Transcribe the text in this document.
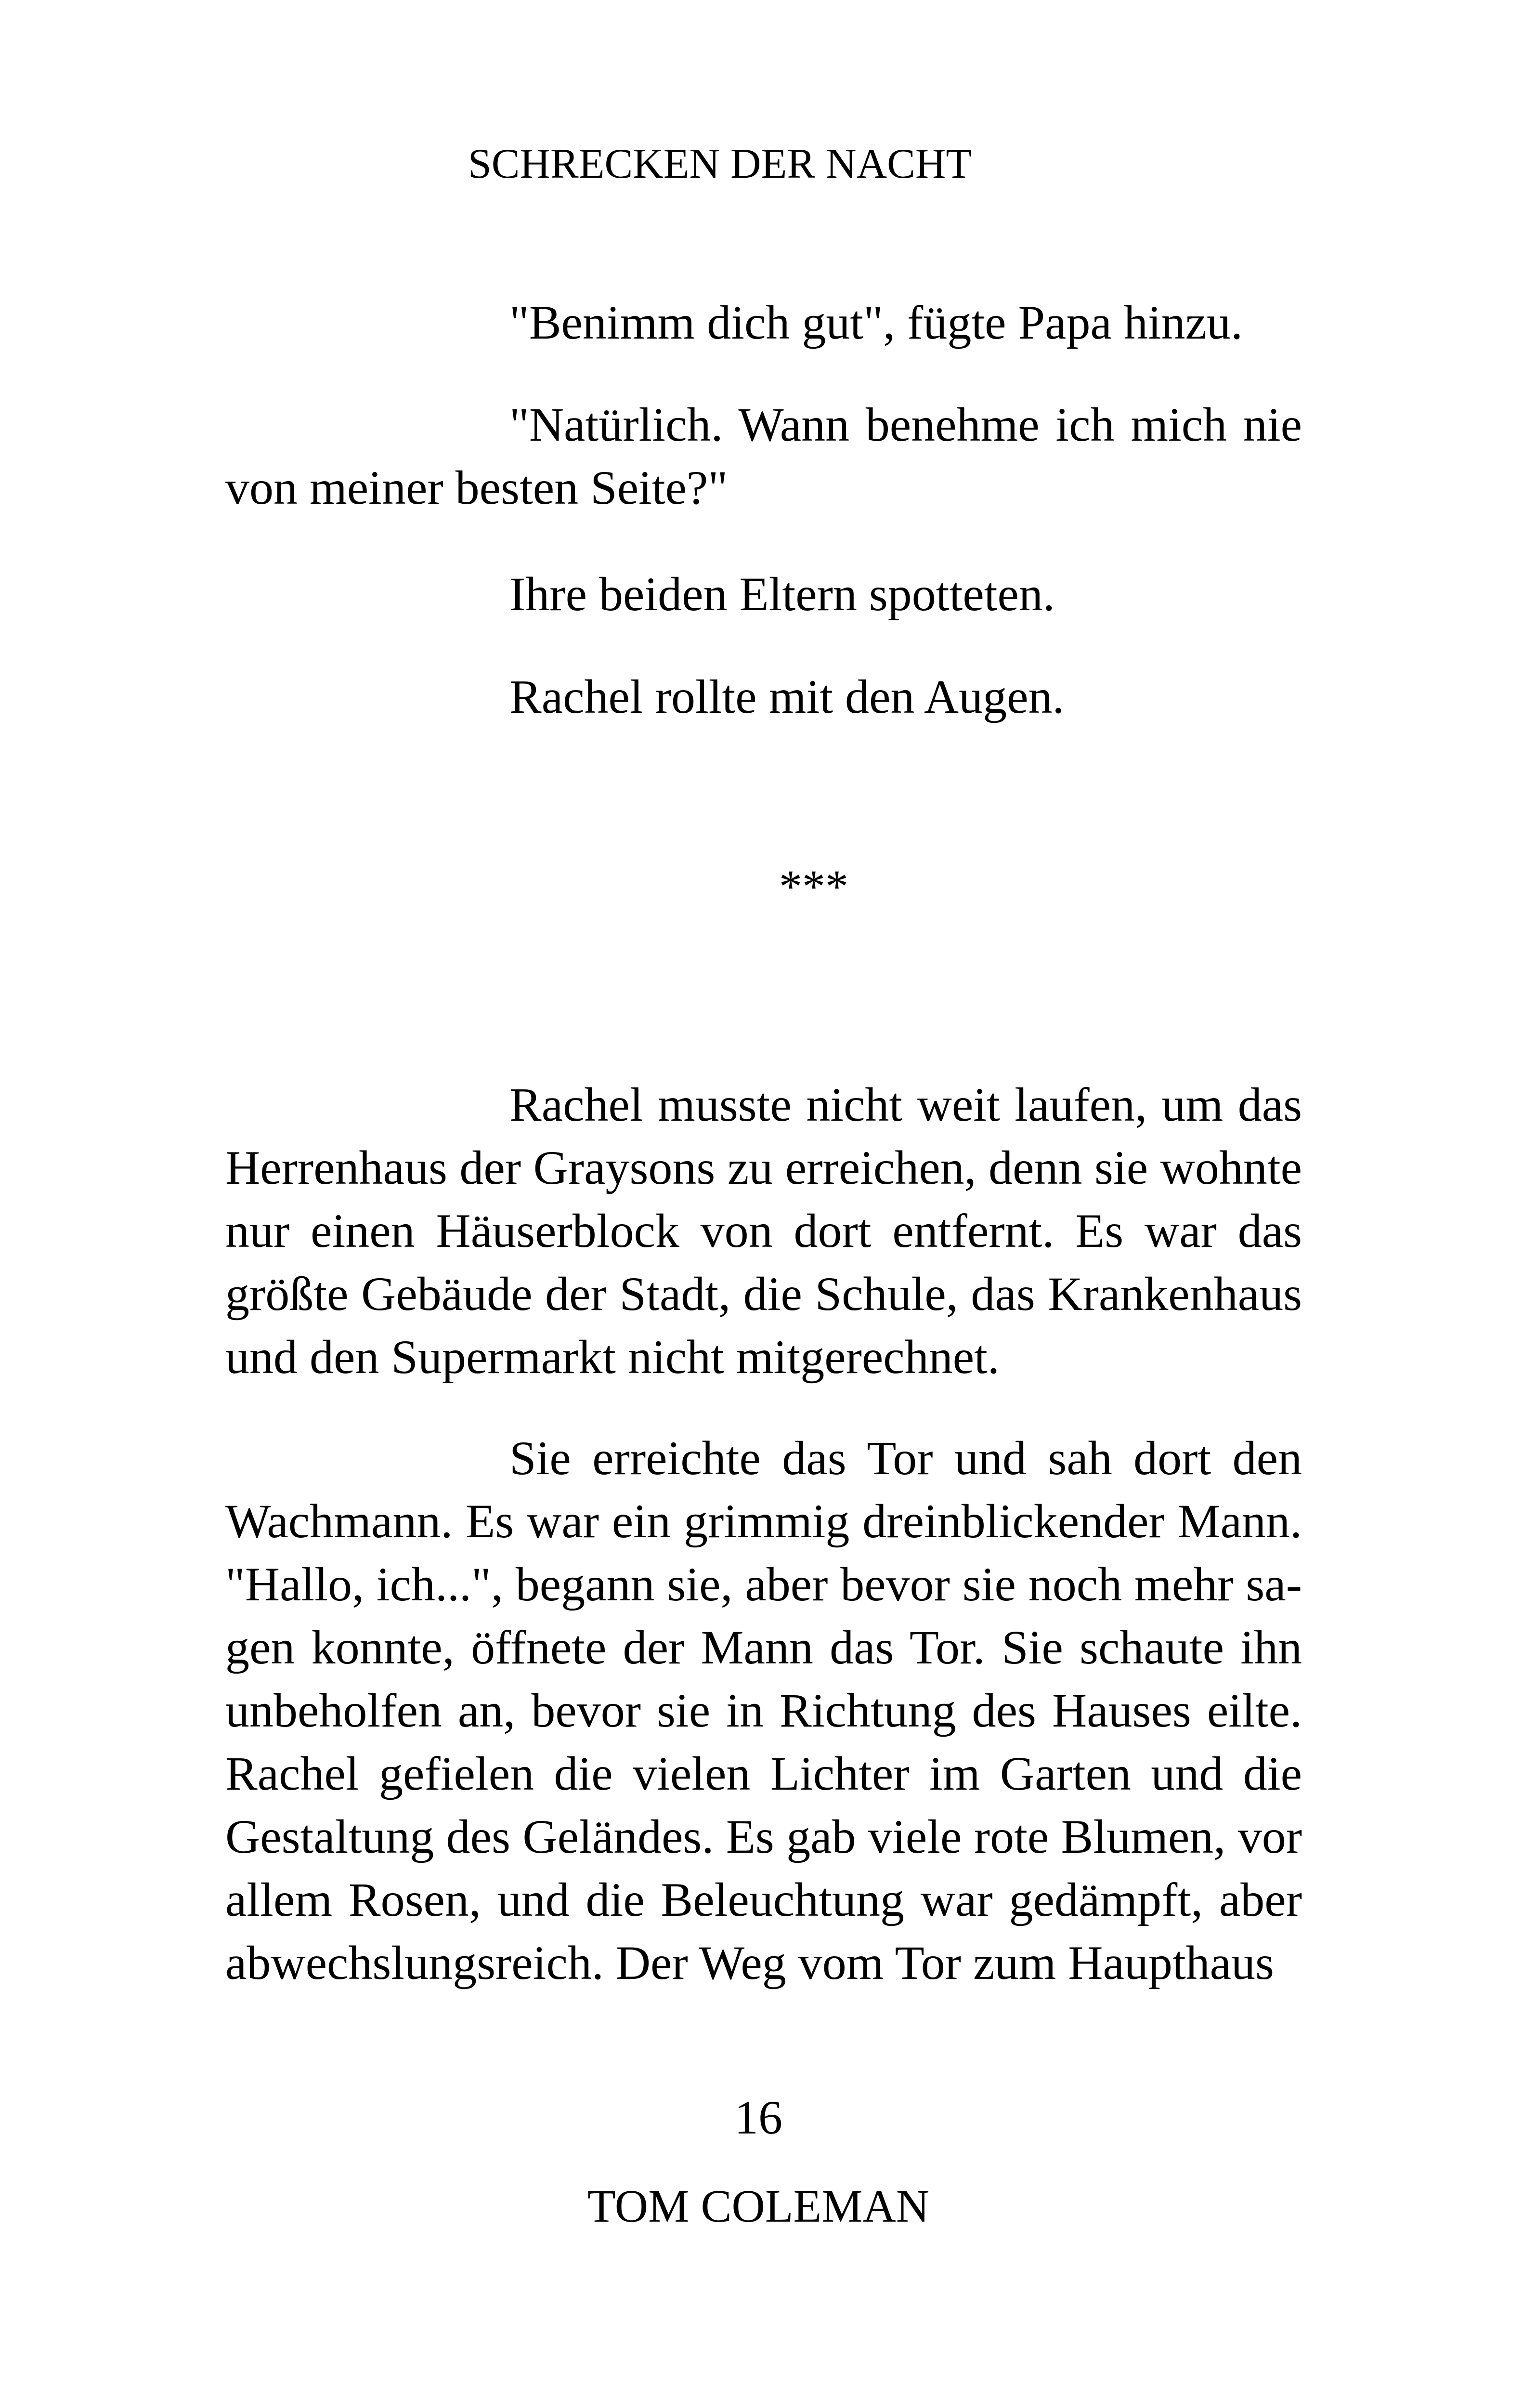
SCHRECKEN DER NACHT

"Benimm dich gut", fügte Papa hinzu.

"Natürlich. Wann benehme ich mich nie von meiner besten Seite?"

Ihre beiden Eltern spotteten.

Rachel rollte mit den Augen.

***

Rachel musste nicht weit laufen, um das Herrenhaus der Graysons zu erreichen, denn sie wohnte nur einen Häuserblock von dort entfernt. Es war das größte Gebäude der Stadt, die Schule, das Krankenhaus und den Supermarkt nicht mitgerechnet.

Sie erreichte das Tor und sah dort den Wachmann. Es war ein grimmig dreinblickender Mann. "Hallo, ich...", begann sie, aber bevor sie noch mehr sagen konnte, öffnete der Mann das Tor. Sie schaute ihn unbeholfen an, bevor sie in Richtung des Hauses eilte. Rachel gefielen die vielen Lichter im Garten und die Gestaltung des Geländes. Es gab viele rote Blumen, vor allem Rosen, und die Beleuchtung war gedämpft, aber abwechslungsreich. Der Weg vom Tor zum Haupthaus

16
TOM COLEMAN
